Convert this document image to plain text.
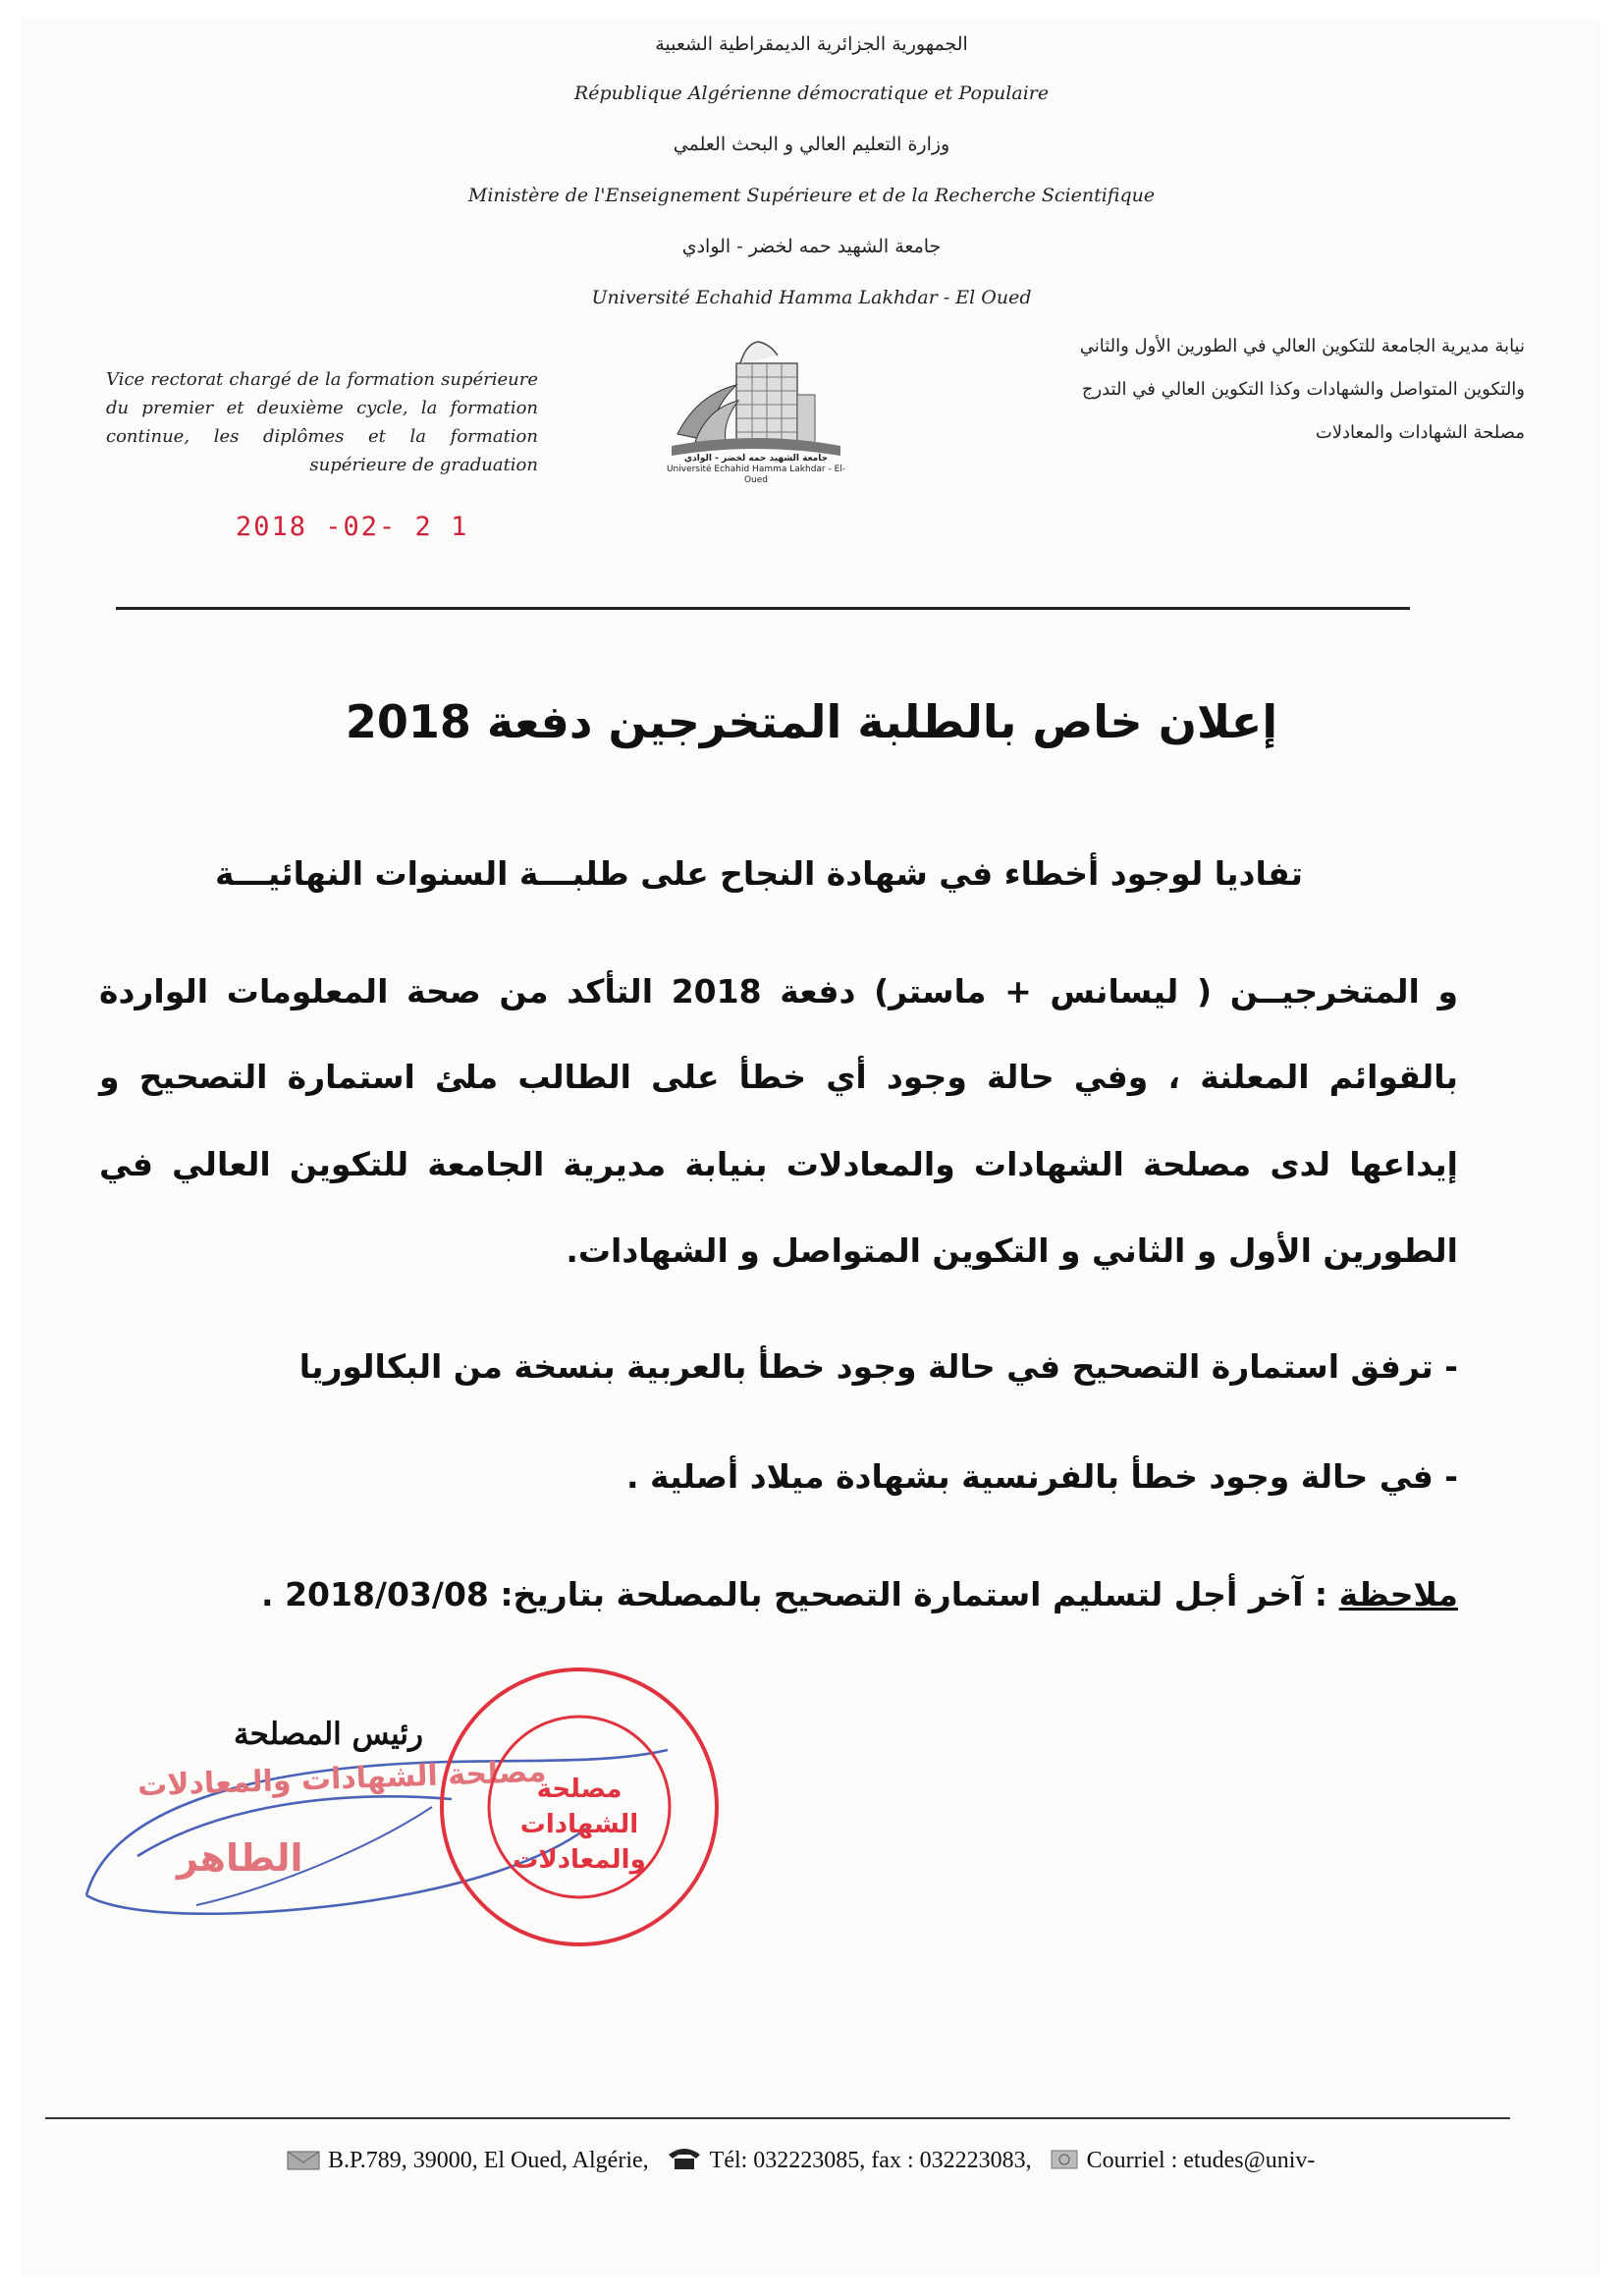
الجمهورية الجزائرية الديمقراطية الشعبية
République Algérienne démocratique et Populaire
وزارة التعليم العالي و البحث العلمي
Ministère de l'Enseignement Supérieure et de la Recherche Scientifique
جامعة الشهيد حمه لخضر - الوادي
Université Echahid Hamma Lakhdar - El Oued
Vice rectorat chargé de la formation supérieure du premier et deuxième cycle, la formation continue, les diplômes et la formation supérieure de graduation
نيابة مديرية الجامعة للتكوين العالي في الطورين الأول والثاني
والتكوين المتواصل والشهادات وكذا التكوين العالي في التدرج
مصلحة الشهادات والمعادلات
جامعة الشهيد حمه لخضر - الوادي
Université Echahid Hamma Lakhdar - El-Oued
2018 -02- 2 1
إعلان خاص بالطلبة المتخرجين دفعة 2018
تفاديا لوجود أخطاء في شهادة النجاح على طلبـــة السنوات النهائيـــة
و المتخرجيــن ( ليسانس + ماستر) دفعة 2018 التأكد من صحة المعلومات الواردة
بالقوائم المعلنة ، وفي حالة وجود أي خطأ على الطالب ملئ استمارة التصحيح و
إيداعها لدى مصلحة الشهادات والمعادلات بنيابة مديرية الجامعة للتكوين العالي في
الطورين الأول و الثاني و التكوين المتواصل و الشهادات.
- ترفق استمارة التصحيح في حالة وجود خطأ بالعربية بنسخة من البكالوريا
- في حالة وجود خطأ بالفرنسية بشهادة ميلاد أصلية .
ملاحظة : آخر أجل لتسليم استمارة التصحيح بالمصلحة بتاريخ: 2018/03/08 .
رئيس المصلحة
مصلحة الشهادات والمعادلات
الطاهر
مصلحة
الشهادات
والمعادلات
B.P.789, 39000, El Oued, Algérie,	Tél: 032223085, fax : 032223083, Courriel : etudes@univ-
